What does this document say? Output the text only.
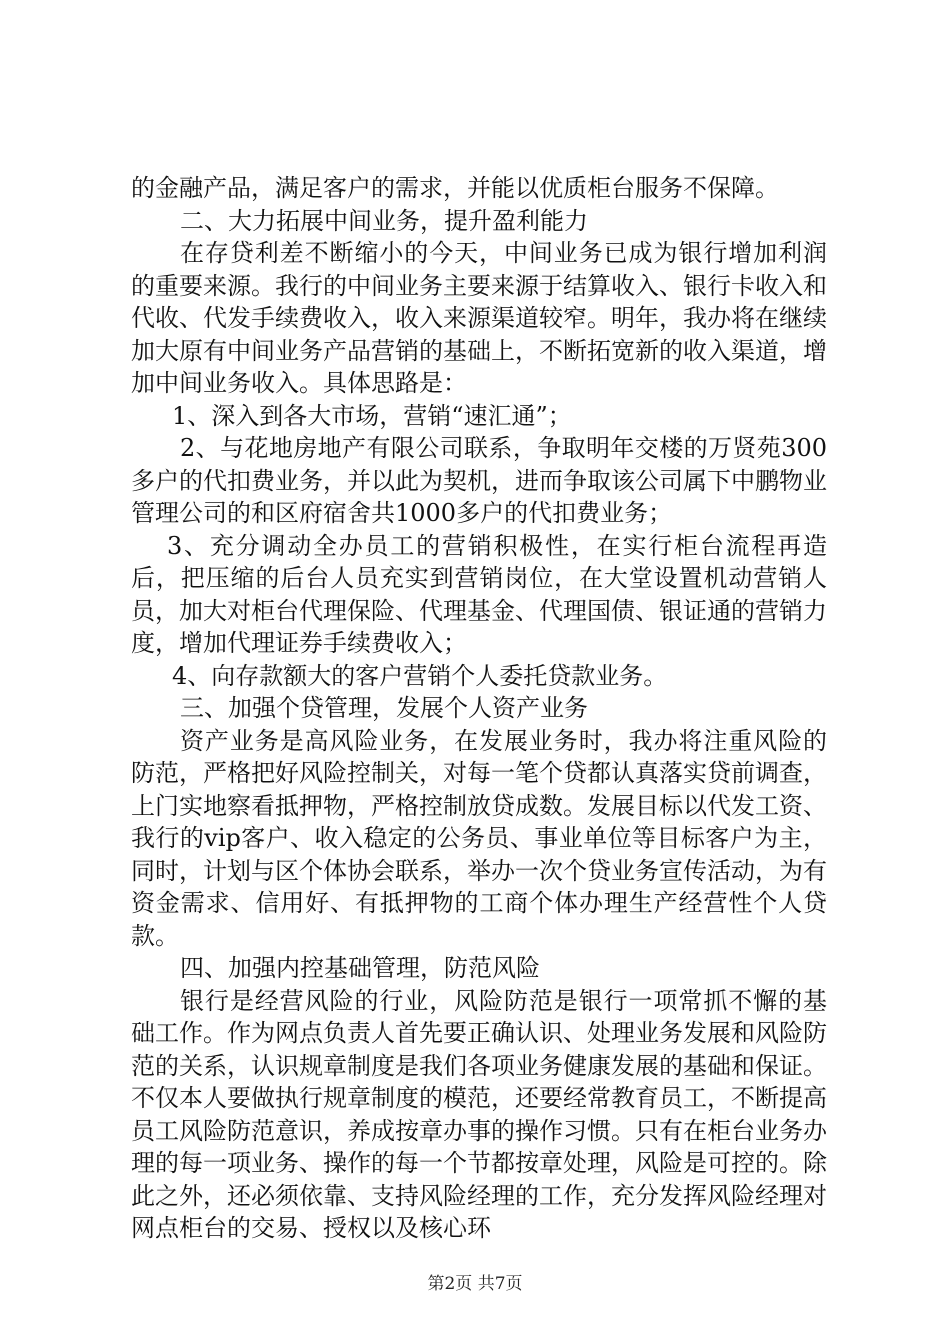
的金融产品，满足客户的需求，并能以优质柜台服务不保障。

二、大力拓展中间业务，提升盈利能力

在存贷利差不断缩小的今天，中间业务已成为银行增加利润的重要来源。我行的中间业务主要来源于结算收入、银行卡收入和代收、代发手续费收入，收入来源渠道较窄。明年，我办将在继续加大原有中间业务产品营销的基础上，不断拓宽新的收入渠道，增加中间业务收入。具体思路是：

1、深入到各大市场，营销“速汇通”；

2、与花地房地产有限公司联系，争取明年交楼的万贤苑300多户的代扣费业务，并以此为契机，进而争取该公司属下中鹏物业管理公司的和区府宿舍共1000多户的代扣费业务；

3、充分调动全办员工的营销积极性，在实行柜台流程再造后，把压缩的后台人员充实到营销岗位，在大堂设置机动营销人员，加大对柜台代理保险、代理基金、代理国债、银证通的营销力度，增加代理证券手续费收入；

4、向存款额大的客户营销个人委托贷款业务。

三、加强个贷管理，发展个人资产业务

资产业务是高风险业务，在发展业务时，我办将注重风险的防范，严格把好风险控制关，对每一笔个贷都认真落实贷前调查，上门实地察看抵押物，严格控制放贷成数。发展目标以代发工资、我行的vip客户、收入稳定的公务员、事业单位等目标客户为主，同时，计划与区个体协会联系，举办一次个贷业务宣传活动，为有资金需求、信用好、有抵押物的工商个体办理生产经营性个人贷款。

四、加强内控基础管理，防范风险

银行是经营风险的行业，风险防范是银行一项常抓不懈的基础工作。作为网点负责人首先要正确认识、处理业务发展和风险防范的关系，认识规章制度是我们各项业务健康发展的基础和保证。不仅本人要做执行规章制度的模范，还要经常教育员工，不断提高员工风险防范意识，养成按章办事的操作习惯。只有在柜台业务办理的每一项业务、操作的每一个节都按章处理，风险是可控的。除此之外，还必须依靠、支持风险经理的工作，充分发挥风险经理对网点柜台的交易、授权以及核心环

第2页 共7页
